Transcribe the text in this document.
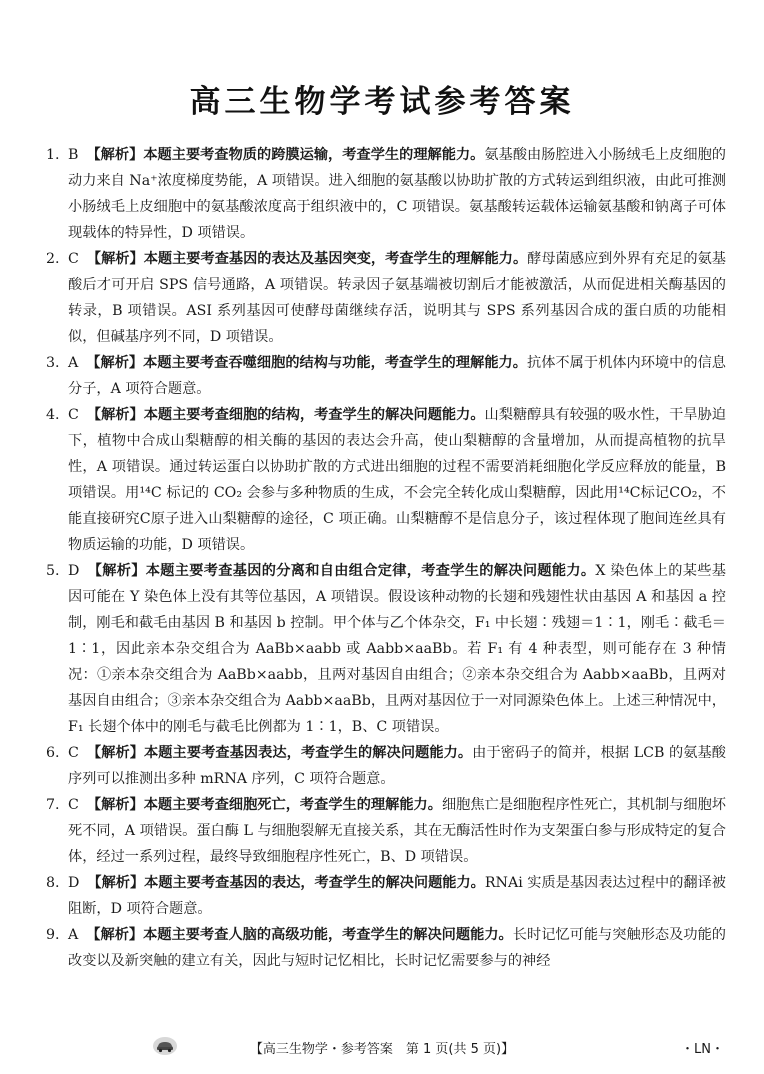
高三生物学考试参考答案
1. B 【解析】本题主要考查物质的跨膜运输，考查学生的理解能力。氨基酸由肠腔进入小肠绒毛上皮细胞的动力来自 Na⁺浓度梯度势能，A 项错误。进入细胞的氨基酸以协助扩散的方式转运到组织液，由此可推测小肠绒毛上皮细胞中的氨基酸浓度高于组织液中的，C 项错误。氨基酸转运载体运输氨基酸和钠离子可体现载体的特异性，D 项错误。
2. C 【解析】本题主要考查基因的表达及基因突变，考查学生的理解能力。酵母菌感应到外界有充足的氨基酸后才可开启 SPS 信号通路，A 项错误。转录因子氨基端被切割后才能被激活，从而促进相关酶基因的转录，B 项错误。ASI 系列基因可使酵母菌继续存活，说明其与 SPS 系列基因合成的蛋白质的功能相似，但碱基序列不同，D 项错误。
3. A 【解析】本题主要考查吞噬细胞的结构与功能，考查学生的理解能力。抗体不属于机体内环境中的信息分子，A 项符合题意。
4. C 【解析】本题主要考查细胞的结构，考查学生的解决问题能力。山梨糖醇具有较强的吸水性，干旱胁迫下，植物中合成山梨糖醇的相关酶的基因的表达会升高，使山梨糖醇的含量增加，从而提高植物的抗旱性，A 项错误。通过转运蛋白以协助扩散的方式进出细胞的过程不需要消耗细胞化学反应释放的能量，B 项错误。用¹⁴C 标记的 CO₂ 会参与多种物质的生成，不会完全转化成山梨糖醇，因此用¹⁴C标记CO₂，不能直接研究C原子进入山梨糖醇的途径，C 项正确。山梨糖醇不是信息分子，该过程体现了胞间连丝具有物质运输的功能，D 项错误。
5. D 【解析】本题主要考查基因的分离和自由组合定律，考查学生的解决问题能力。X 染色体上的某些基因可能在 Y 染色体上没有其等位基因，A 项错误。假设该种动物的长翅和残翅性状由基因 A 和基因 a 控制，刚毛和截毛由基因 B 和基因 b 控制。甲个体与乙个体杂交，F₁ 中长翅∶残翅＝1∶1，刚毛∶截毛＝1∶1，因此亲本杂交组合为 AaBb×aabb 或 Aabb×aaBb。若 F₁ 有 4 种表型，则可能存在 3 种情况：①亲本杂交组合为 AaBb×aabb，且两对基因自由组合；②亲本杂交组合为 Aabb×aaBb，且两对基因自由组合；③亲本杂交组合为 Aabb×aaBb，且两对基因位于一对同源染色体上。上述三种情况中，F₁ 长翅个体中的刚毛与截毛比例都为 1∶1，B、C 项错误。
6. C 【解析】本题主要考查基因表达，考查学生的解决问题能力。由于密码子的简并，根据 LCB 的氨基酸序列可以推测出多种 mRNA 序列，C 项符合题意。
7. C 【解析】本题主要考查细胞死亡，考查学生的理解能力。细胞焦亡是细胞程序性死亡，其机制与细胞坏死不同，A 项错误。蛋白酶 L 与细胞裂解无直接关系，其在无酶活性时作为支架蛋白参与形成特定的复合体，经过一系列过程，最终导致细胞程序性死亡，B、D 项错误。
8. D 【解析】本题主要考查基因的表达，考查学生的解决问题能力。RNAi 实质是基因表达过程中的翻译被阻断，D 项符合题意。
9. A 【解析】本题主要考查人脑的高级功能，考查学生的解决问题能力。长时记忆可能与突触形态及功能的改变以及新突触的建立有关，因此与短时记忆相比，长时记忆需要参与的神经
【高三生物学・参考答案　第 1 页(共 5 页)】	・LN・
